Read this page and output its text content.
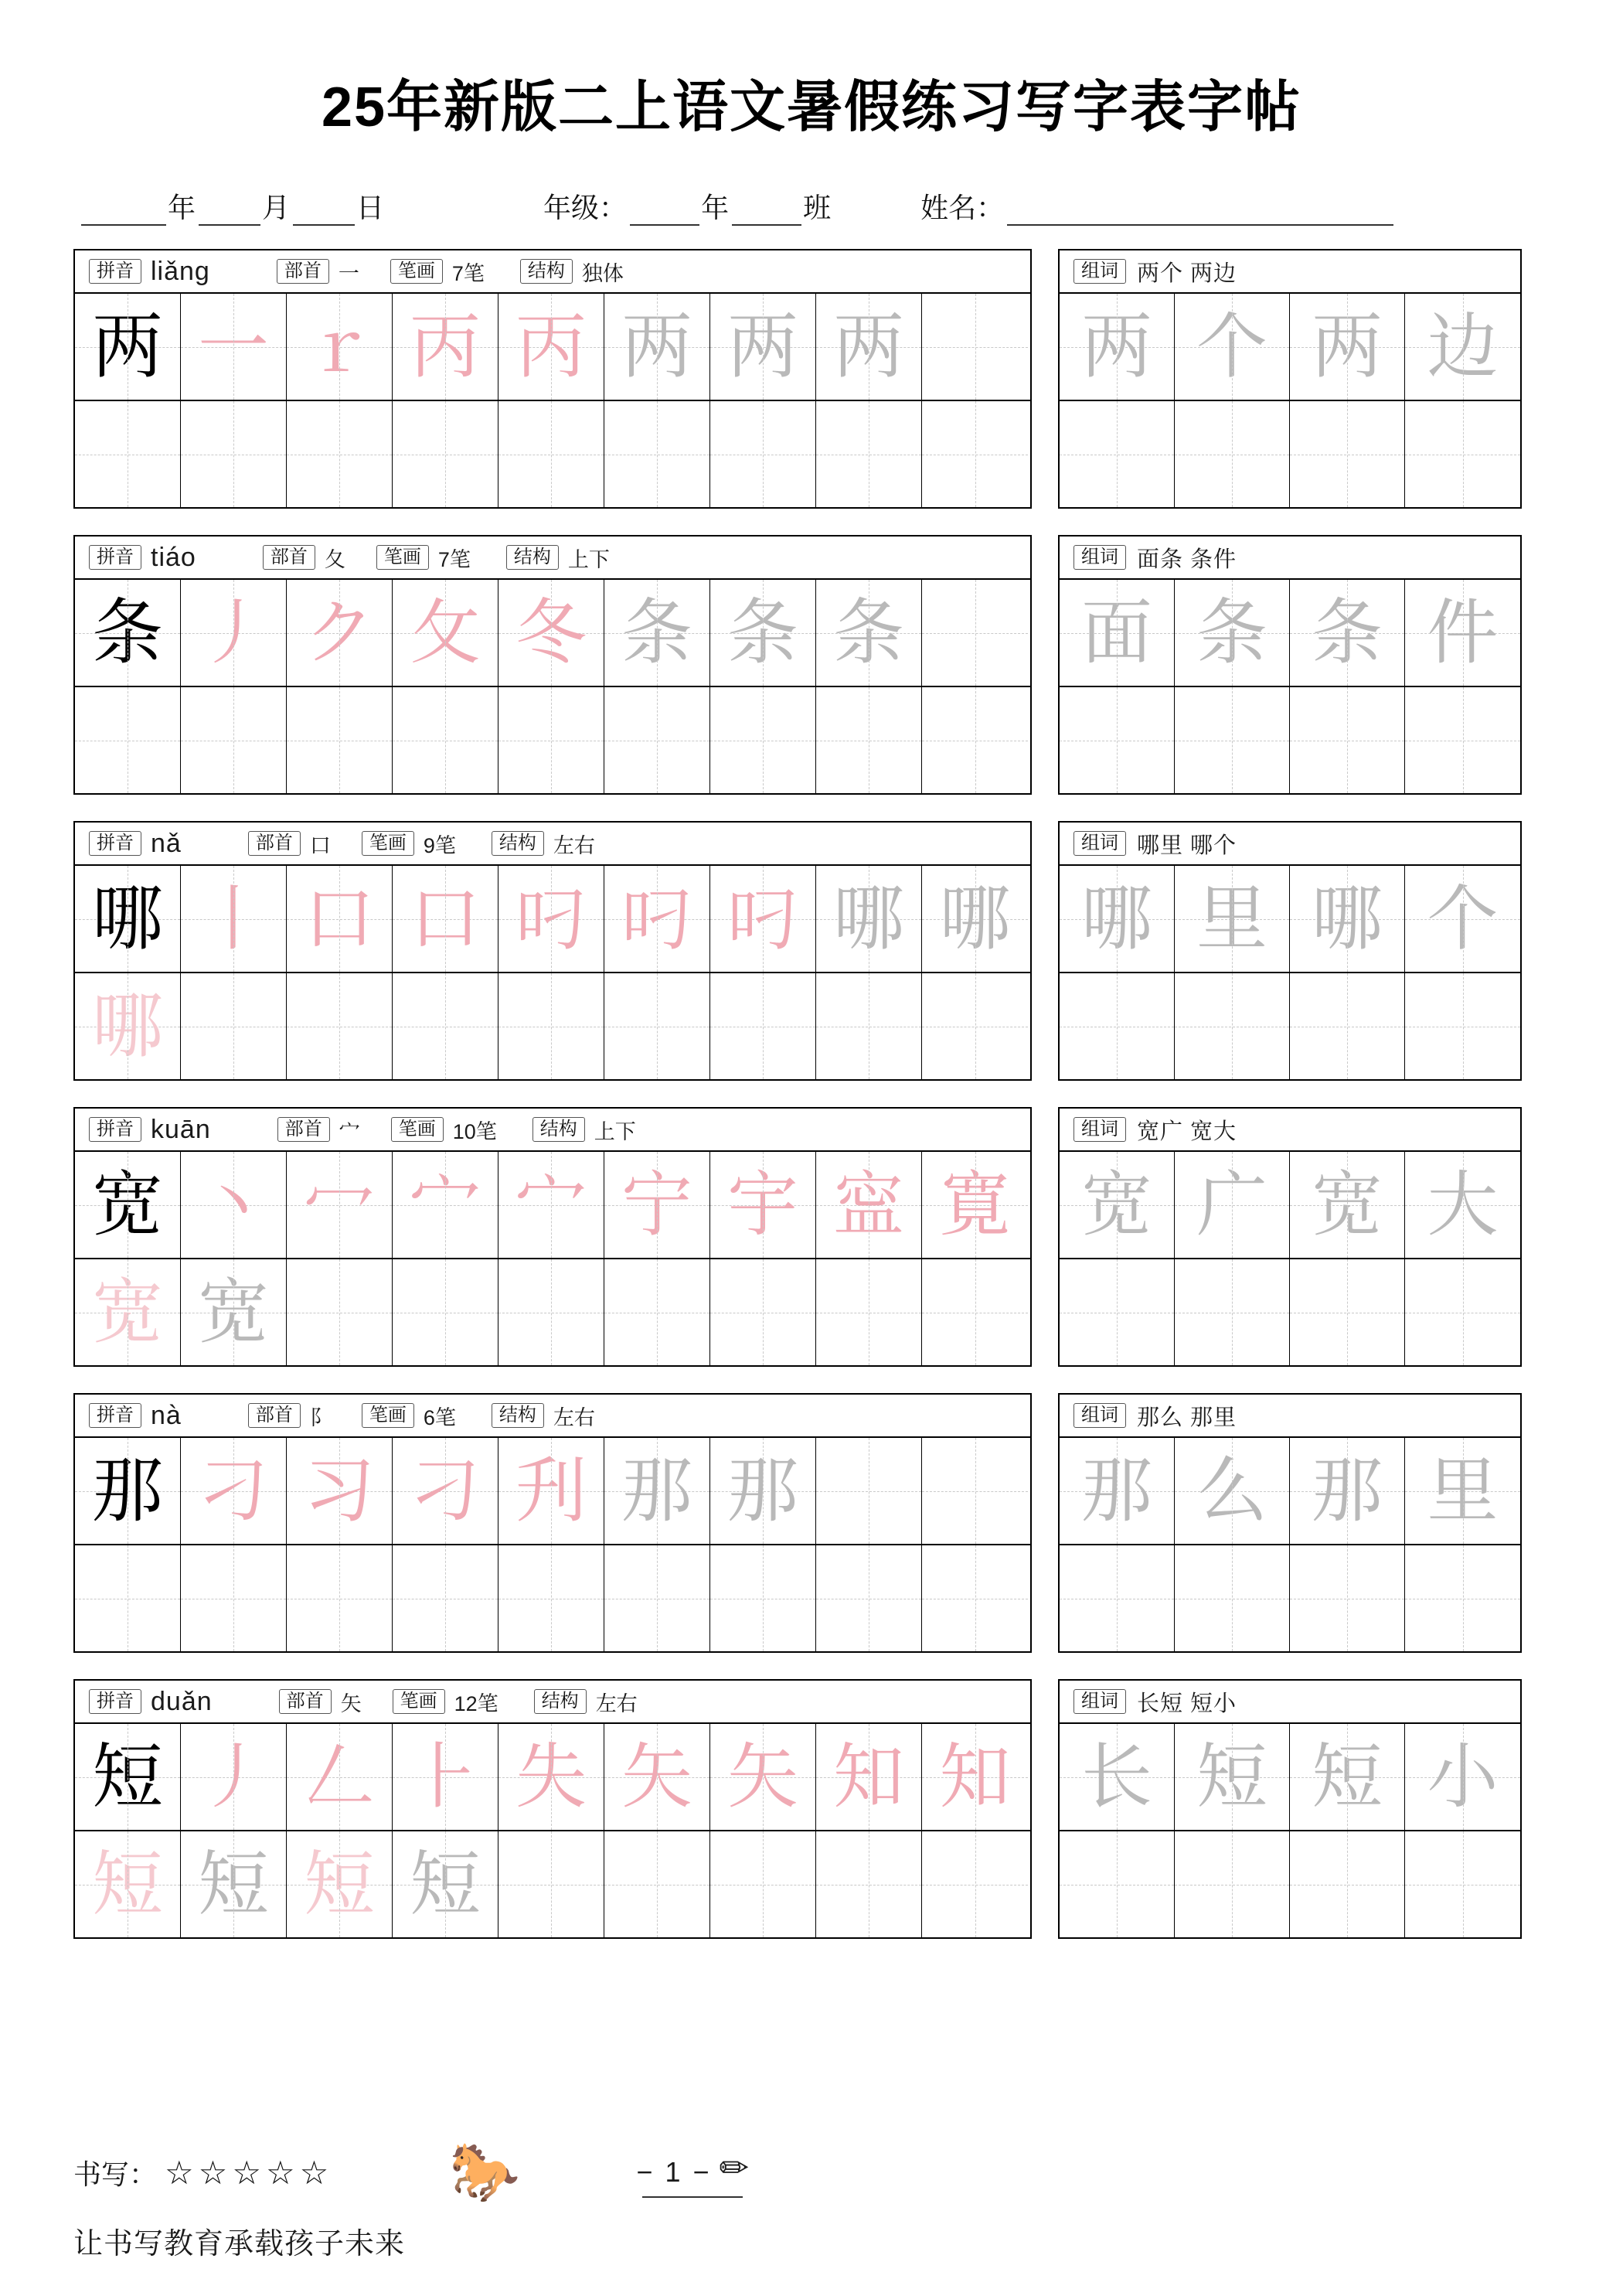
25年新版二上语文暑假练习写字表字帖

年
月
日	年级：
	年
	班	姓名：

拼音 liǎng	部首 一	笔画 7笔	结构 独体
两 一 ｒ 丙 丙 两 两 两
组词 两个 两边
两 个 两 边
拼音 tiáo	部首 夂	笔画 7笔	结构 上下
条 丿 ク 攵 冬 条 条 条
组词 面条 条件
面 条 条 件
拼音 nǎ	部首 口	笔画 9笔	结构 左右
哪 丨 口 口 叼 叼 叼 哪 哪
哪
组词 哪里 哪个
哪 里 哪 个
拼音 kuān	部首 宀	笔画 10笔	结构 上下
宽 丶 冖 宀 宀 宁 宇 寍 寛
宽 宽
组词 宽广 宽大
宽 广 宽 大
拼音 nà	部首 阝	笔画 6笔	结构 左右
那 刁 习 刁 刋 那 那
组词 那么 那里
那 么 那 里
拼音 duǎn	部首 矢	笔画 12笔	结构 左右
短 丿 𠃋 ⺊ 失 矢 矢 知 知
短 短 短 短
组词 长短 短小
长 短 短 小
书写： ☆☆☆☆☆ 🐎	− 1 − ✏
让书写教育承载孩子未来
